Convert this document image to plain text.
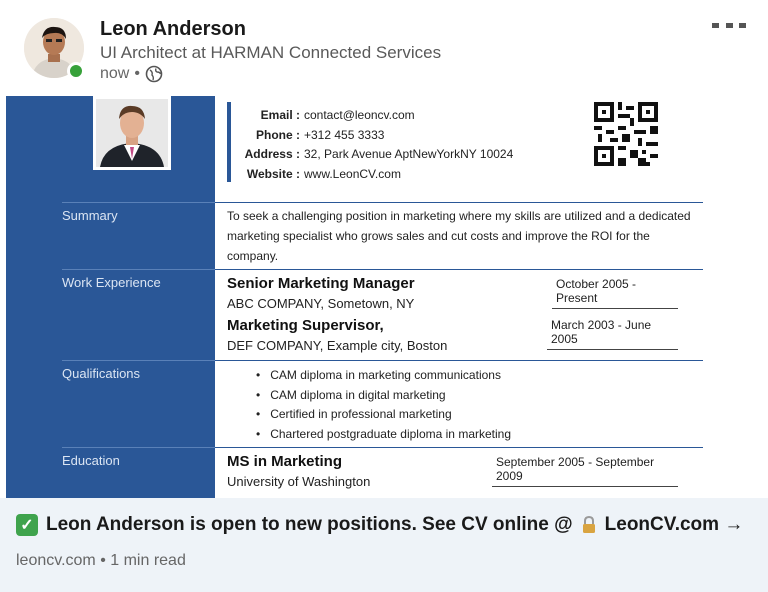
Leon Anderson
UI Architect at HARMAN Connected Services
now •
Email : contact@leoncv.com
Phone : +312 455 3333
Address : 32, Park Avenue AptNewYorkNY 10024
Website : www.LeonCV.com
Summary	To seek a challenging position in marketing where my skills are utilized and a dedicated marketing specialist who grows sales and cut costs and improve the ROI for the company.
Work Experience	Senior Marketing Manager
ABC COMPANY, Sometown, NY
October 2005 - Present
Marketing Supervisor,
DEF COMPANY, Example city, Boston
March 2003 - June 2005
Qualifications
•	CAM diploma in marketing communications
• CAM diploma in digital marketing
• Certified in professional marketing
• Chartered postgraduate diploma in marketing
Education	MS in Marketing
University of Washington
September 2005 - September 2009
✓ Leon Anderson is open to new positions. See CV online @ LeonCV.com →
leoncv.com • 1 min read
